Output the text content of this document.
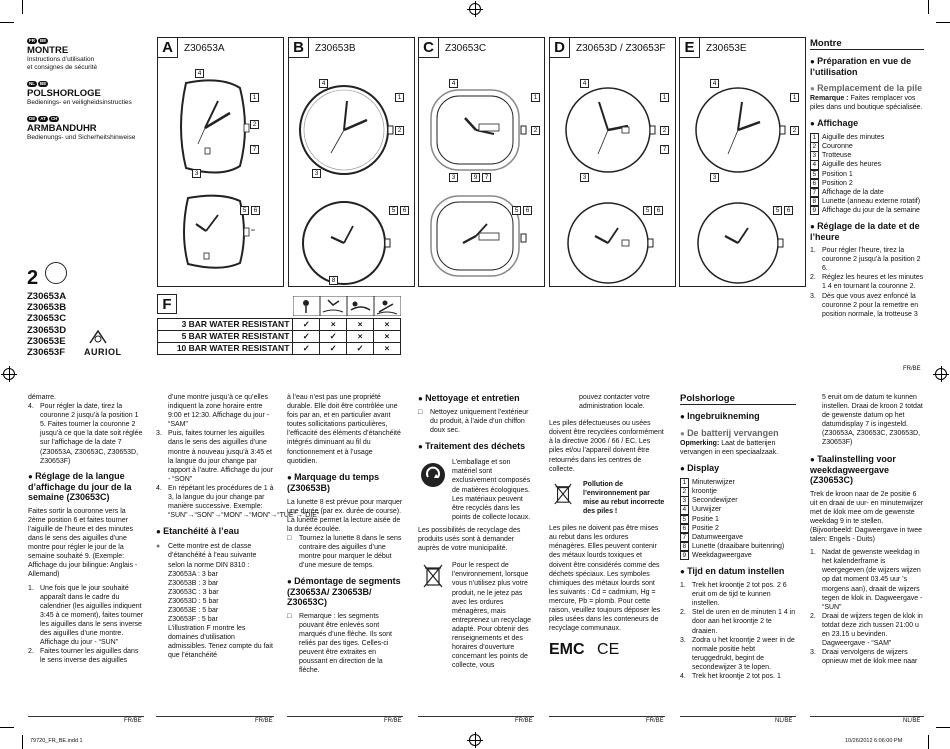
FR BE
MONTRE
Instructions d’utilisation
et consignes de sécurité
NL BE
POLSHORLOGE
Bedienings- en veiligheidsinstructies
DE AT CH
ARMBANDUHR
Bedienungs- und Sicherheitshinweise
2
Z30653A
Z30653B
Z30653C
Z30653D
Z30653E
Z30653F AURIOL
A	Z30653A
4
1
2
7
3
5	6
B	Z30653B
4
1
2
3
5	6
8
C	Z30653C
4
1
2
3	9	7
5	6
D	Z30653D / Z30653F
4
1
2
7
3
5	6
E	Z30653E
4
1
2
3
5	6
F
3 BAR WATER RESISTANT	✓	×	×	×
5 BAR WATER RESISTANT	✓	✓	×	×
10 BAR WATER RESISTANT	✓	✓	✓	×
Montre
● Préparation en vue de l’utilisation
● Remplacement de la pile
Remarque : Faites remplacer vos piles dans und boutique spécialisée.
● Affichage
1 Aiguille des minutes
2 Couronne
3 Trotteuse
4 Aiguille des heures
5 Position 1
6 Position 2
7 Affichage de la date
8 Lunette (anneau externe rotatif)
9 Affichage du jour de la semaine
● Réglage de la date et de l’heure
1. Pour régler l’heure, tirez la couronne 2 jusqu’à la position 2 6.
2. Réglez les heures et les minutes 1 4 en tournant la couronne 2.
3. Dès que vous avez enfoncé la couronne 2 pour la remettre en position normale, la trotteuse 3
FR/BE
démarre.
4. Pour régler la date, tirez la couronne 2 jusqu’à la position 1 5. Faites tourner la couronne 2 jusqu’à ce que la date soit réglée sur l’affichage de la date 7 (Z30653A, Z30653C, Z30653D, Z30653F)
● Réglage de la langue d’affichage du jour de la semaine (Z30653C)
Faites sortir la couronne vers la 2ème position 6 et faites tourner l’aiguille de l’heure et des minutes dans le sens des aiguilles d’une montre pour régler le jour de la semaine souhaité 9. (Exemple: Affichage du jour bilingue: Anglais - Allemand)
1. Une fois que le jour souhaité apparaît dans le cadre du calendrier (les aiguilles indiquent 3:45 à ce moment), faites tourner les aiguilles dans le sens inverse des aiguilles d’une montre. Affichage du jour - “SUN”
2. Faites tourner les aiguilles dans le sens inverse des aiguilles
FR/BE
d’une montre jusqu’à ce qu’elles indiquent la zone horaire entre 9:00 et 12:30. Affichage du jour - “SAM”
3. Puis, faites tourner les aiguilles dans le sens des aiguilles d’une montre à nouveau jusqu’à 3:45 et la langue du jour change par rapport à l’autre. Affichage du jour - “SON”
4. En répétant les procédures de 1 à 3, la langue du jour change par manière successive. Exemple: “SUN”→“SON”→“MON”→“MON”→“TUE”→“DIE”
● Etanchéité à l’eau
● Cette montre est de classe d’étanchéité à l’eau suivante selon la norme DIN 8310 :
Z30653A : 3 bar
Z30653B : 3 bar
Z30653C : 3 bar
Z30653D : 5 bar
Z30653E : 5 bar
Z30653F : 5 bar
L’illustration F montre les domaines d’utilisation admissibles. Tenez compte du fait que l’étanchéité
FR/BE
à l’eau n’est pas une propriété durable. Elle doit être contrôlée une fois par an, et en particulier avant toutes sollicitations particulières, l’efficacité des éléments d’étanchéité intégrés diminuant au fil du fonctionnement et à l’usage quotidien.
● Marquage du temps (Z30653B)
La lunette 8 est prévue pour marquer une durée (par ex. durée de course). La lunette permet la lecture aisée de la durée écoulée.
□ Tournez la lunette 8 dans le sens contraire des aiguilles d’une montre pour marquer le début d’une mesure de temps.
● Démontage de segments (Z30653A/ Z30653B/ Z30653C)
□ Remarque : les segments pouvant être enlevés sont marqués d’une flèche. Ils sont reliés par des tiges. Celles-ci peuvent être extraites en poussant en direction de la flèche.
FR/BE
● Nettoyage et entretien
□ Nettoyez uniquement l’extérieur du produit, à l’aide d’un chiffon doux sec.
● Traitement des déchets
L’emballage et son matériel sont exclusivement composés de matières écologiques. Les matériaux peuvent être recyclés dans les points de collecte locaux.
Les possibilités de recyclage des produits usés sont à demander auprès de votre municipalité.
Pour le respect de l’environnement, lorsque vous n’utilisez plus votre produit, ne le jetez pas avec les ordures ménagères, mais entreprenez un recyclage adapté. Pour obtenir des renseignements et des horaires d’ouverture concernant les points de collecte, vous
FR/BE
pouvez contacter votre administration locale.
Les piles défectueuses ou usées doivent être recyclées conformément à la directive 2006 / 66 / EC. Les piles et/ou l’appareil doivent être retournés dans les centres de collecte.
Pollution de l’environnement par mise au rebut incorrecte des piles !
Les piles ne doivent pas être mises au rebut dans les ordures ménagères. Elles peuvent contenir des métaux lourds toxiques et doivent être considérés comme des déchets spéciaux. Les symboles chimiques des métaux lourds sont les suivants : Cd = cadmium, Hg = mercure, Pb = plomb. Pour cette raison, veuillez toujours déposer les piles usées dans les conteneurs de recyclage communaux.
EMC CE
FR/BE
Polshorloge
● Ingebruikneming
● De batterij vervangen
Opmerking: Laat de batterijen vervangen in een speciaalzaak.
● Display
1 Minutenwijzer
2 kroontje
3 Secondewijzer
4 Uurwijzer
5 Positie 1
6 Positie 2
7 Datumweergave
8 Lunette (draaibare buitenring)
9 Weekdagweergave
● Tijd en datum instellen
1. Trek het kroontje 2 tot pos. 2 6 eruit om de tijd te kunnen instellen.
2. Stel de uren en de minuten 1 4 in door aan het kroontje 2 te draaien.
3. Zodra u het kroontje 2 weer in de normale positie hebt teruggedrukt, begint de secondewijzer 3 te lopen.
4. Trek het kroontje 2 tot pos. 1
NL/BE
5 eruit om de datum te kunnen instellen. Draai de kroon 2 totdat de gewenste datum op het datumdisplay 7 is ingesteld. (Z30653A, Z30653C, Z30653D, Z30653F)
● Taalinstelling voor weekdagweergave (Z30653C)
Trek de kroon naar de 2e positie 6 uit en draai de uur- en minutenwijzer met de klok mee om de gewenste weekdag 9 in te stellen. (Bijvoorbeeld: Dagweergave in twee talen: Engels - Duits)
1. Nadat de gewenste weekdag in het kalenderframe is weergegeven (de wijzers wijzen op dat moment 03.45 uur ’s morgens aan), draait de wijzers tegen de klok in. Dagweergave - “SUN”
2. Draai de wijzers tegen de klok in totdat deze zich tussen 21:00 u en 23.15 u bevinden. Dagweergave - “SAM”
3. Draai vervolgens de wijzers opnieuw met de klok mee naar
NL/BE
79720_FR_BE.indd 1	10/26/2012 6:06:00 PM
